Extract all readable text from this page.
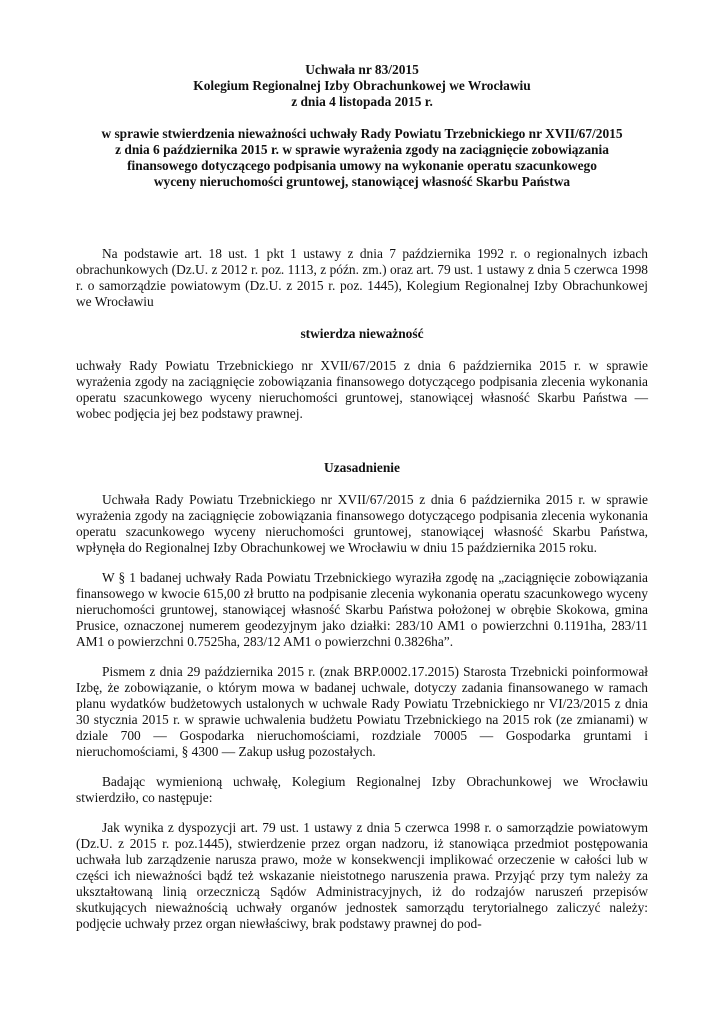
Uchwała nr 83/2015
Kolegium Regionalnej Izby Obrachunkowej we Wrocławiu
z dnia 4 listopada 2015 r.
w sprawie stwierdzenia nieważności uchwały Rady Powiatu Trzebnickiego nr XVII/67/2015
z dnia 6 października 2015 r. w sprawie wyrażenia zgody na zaciągnięcie zobowiązania
finansowego dotyczącego podpisania umowy na wykonanie operatu szacunkowego
wyceny nieruchomości gruntowej, stanowiącej własność Skarbu Państwa

Na podstawie art. 18 ust. 1 pkt 1 ustawy z dnia 7 października 1992 r. o regionalnych izbach obrachunkowych (Dz.U. z 2012 r. poz. 1113, z późn. zm.) oraz art. 79 ust. 1 ustawy z dnia 5 czerwca 1998 r. o samorządzie powiatowym (Dz.U. z 2015 r. poz. 1445), Kolegium Regionalnej Izby Obrachunkowej we Wrocławiu

stwierdza nieważność

uchwały Rady Powiatu Trzebnickiego nr XVII/67/2015 z dnia 6 października 2015 r. w sprawie wyrażenia zgody na zaciągnięcie zobowiązania finansowego dotyczącego podpisania zlecenia wykonania operatu szacunkowego wyceny nieruchomości gruntowej, stanowiącej własność Skarbu Państwa — wobec podjęcia jej bez podstawy prawnej.

Uzasadnienie

Uchwała Rady Powiatu Trzebnickiego nr XVII/67/2015 z dnia 6 października 2015 r. w sprawie wyrażenia zgody na zaciągnięcie zobowiązania finansowego dotyczącego podpisania zlecenia wykonania operatu szacunkowego wyceny nieruchomości gruntowej, stanowiącej własność Skarbu Państwa, wpłynęła do Regionalnej Izby Obrachunkowej we Wrocławiu w dniu 15 października 2015 roku.

W § 1 badanej uchwały Rada Powiatu Trzebnickiego wyraziła zgodę na „zaciągnięcie zobowiązania finansowego w kwocie 615,00 zł brutto na podpisanie zlecenia wykonania operatu szacunkowego wyceny nieruchomości gruntowej, stanowiącej własność Skarbu Państwa położonej w obrębie Skokowa, gmina Prusice, oznaczonej numerem geodezyjnym jako działki: 283/10 AM1 o powierzchni 0.1191ha, 283/11 AM1 o powierzchni 0.7525ha, 283/12 AM1 o powierzchni 0.3826ha”.

Pismem z dnia 29 października 2015 r. (znak BRP.0002.17.2015) Starosta Trzebnicki poinformował Izbę, że zobowiązanie, o którym mowa w badanej uchwale, dotyczy zadania finansowanego w ramach planu wydatków budżetowych ustalonych w uchwale Rady Powiatu Trzebnickiego nr VI/23/2015 z dnia 30 stycznia 2015 r. w sprawie uchwalenia budżetu Powiatu Trzebnickiego na 2015 rok (ze zmianami) w dziale 700 — Gospodarka nieruchomościami, rozdziale 70005 — Gospodarka gruntami i nieruchomościami, § 4300 — Zakup usług pozostałych.

Badając wymienioną uchwałę, Kolegium Regionalnej Izby Obrachunkowej we Wrocławiu stwierdziło, co następuje:

Jak wynika z dyspozycji art. 79 ust. 1 ustawy z dnia 5 czerwca 1998 r. o samorządzie powiatowym (Dz.U. z 2015 r. poz.1445), stwierdzenie przez organ nadzoru, iż stanowiąca przedmiot postępowania uchwała lub zarządzenie narusza prawo, może w konsekwencji implikować orzeczenie w całości lub w części ich nieważności bądź też wskazanie nieistotnego naruszenia prawa. Przyjąć przy tym należy za ukształtowaną linią orzeczniczą Sądów Administracyjnych, iż do rodzajów naruszeń przepisów skutkujących nieważnością uchwały organów jednostek samorządu terytorialnego zaliczyć należy: podjęcie uchwały przez organ niewłaściwy, brak podstawy prawnej do pod-
